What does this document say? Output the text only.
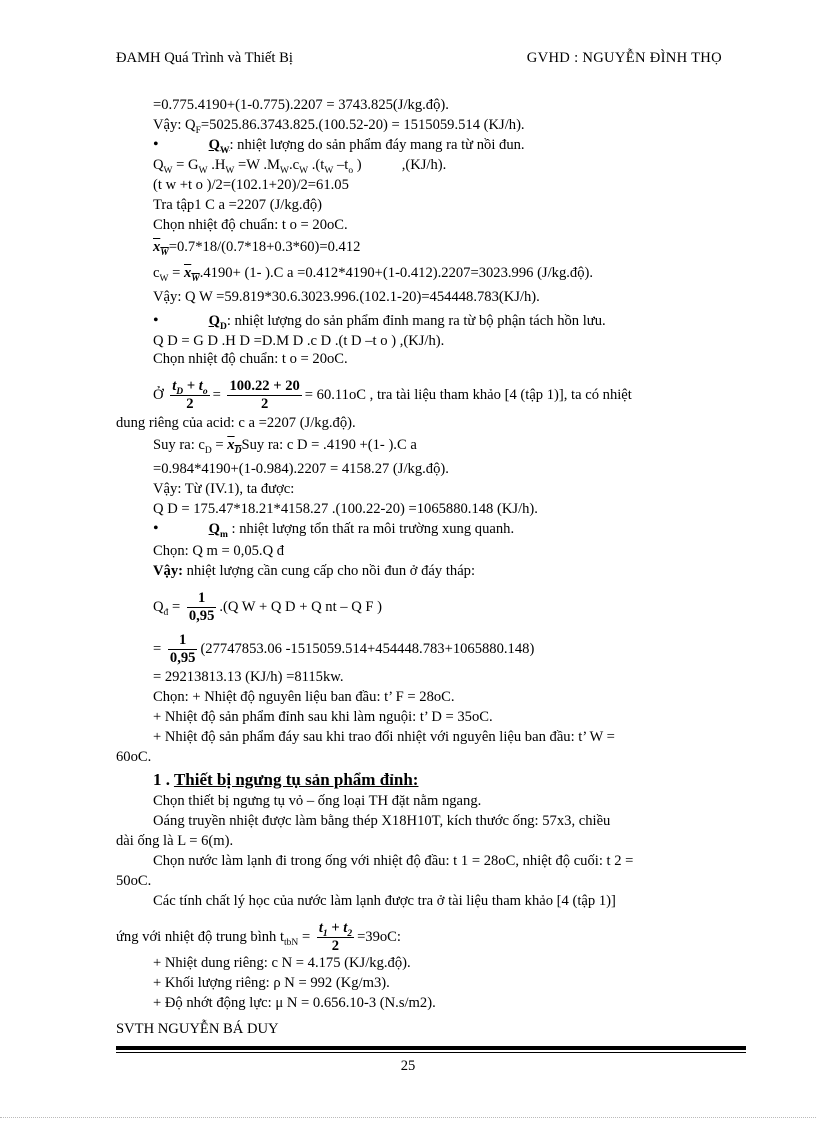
ĐAMH Quá Trình và Thiết Bị	GVHD : NGUYỄN ĐÌNH THỌ
=0.775.4190+(1-0.775).2207 = 3743.825(J/kg.độ).
Vậy: $Q_F=5025.86.3743.825.(100.52-20) = 1515059.514$ (KJ/h).
•	$Q_W$: nhiệt lượng do sản phẩm đáy mang ra từ nồi đun.
$Q_W = G_W$ $.H_W =W$ $.M_W.c_W$ $.(t_W$ $-t_o$ )           ,(KJ/h).
(t w +t o )/2=(102.1+20)/2=61.05
Tra tập1 C a =2207 (J/kg.độ)
Chọn nhiệt độ chuẩn: t o = 20oC.
$x_W=0.7*18/(0.7*18+0.3*60)=0.412$
$c_W = x_W.4190+ (1-$ ).C a =0.412*4190+(1-0.412).2207=3023.996 (J/kg.độ).
Vậy: Q W =59.819*30.6.3023.996.(102.1-20)=454448.783(KJ/h).
•	$Q_D$: nhiệt lượng do sản phẩm đỉnh mang ra từ bộ phận tách hồn lưu.
Q D = G D .H D =D.M D .c D .(t D –t o ) ,(KJ/h).
Chọn nhiệt độ chuẩn: t o = 20oC.
Ở $\frac{t_D + t_o}{2} = \frac{100.22 + 20}{2} = 60.11oC$ , tra tài liệu tham khảo [4 (tập 1)], ta có nhiệt
dung riêng của acid: c a =2207 (J/kg.độ).
Suy ra: $c_D = x_DSuy$ ra: c D = .4190 +(1- ).C a
=0.984*4190+(1-0.984).2207 = 4158.27 (J/kg.độ).
Vậy: Từ (IV.1), ta được:
Q D = 175.47*18.21*4158.27 .(100.22-20) =1065880.148 (KJ/h).
•	$Q_m$ : nhiệt lượng tổn thất ra môi trường xung quanh.
Chọn: Q m = 0,05.Q đ
Vậy: nhiệt lượng cần cung cấp cho nồi đun ở đáy tháp:
$Q_đ = \frac{1}{0,95} .(Q$ W + Q D + Q nt – Q F )
= $\frac{1}{0,95} (27747853.06$ -1515059.514+454448.783+1065880.148)
= 29213813.13 (KJ/h) =8115kw.
Chọn: + Nhiệt độ nguyên liệu ban đầu: t’ F = 28oC.
+ Nhiệt độ sản phẩm đỉnh sau khi làm nguội: t’ D = 35oC.
+ Nhiệt độ sản phẩm đáy sau khi trao đổi nhiệt với nguyên liệu ban đầu: t’ W =
60oC.
1 . Thiết bị ngưng tụ sản phẩm đỉnh:
Chọn thiết bị ngưng tụ vỏ – ống loại TH đặt nằm ngang.
Oáng truyền nhiệt được làm bằng thép X18H10T, kích thước ống: 57x3, chiều
dài ống là L = 6(m).
Chọn nước làm lạnh đi trong ống với nhiệt độ đầu: t 1 = 28oC, nhiệt độ cuối: t 2 =
50oC.
Các tính chất lý học của nước làm lạnh được tra ở tài liệu tham khảo [4 (tập 1)]
ứng với nhiệt độ trung bình $t_{tbN} = \frac{t_1 + t_2}{2} =39oC$:
+ Nhiệt dung riêng: c N = 4.175 (KJ/kg.độ).
+ Khối lượng riêng: ρ N = 992 (Kg/m3).
+ Độ nhớt động lực: μ N = 0.656.10-3 (N.s/m2).
SVTH NGUYỄN BÁ DUY
25
